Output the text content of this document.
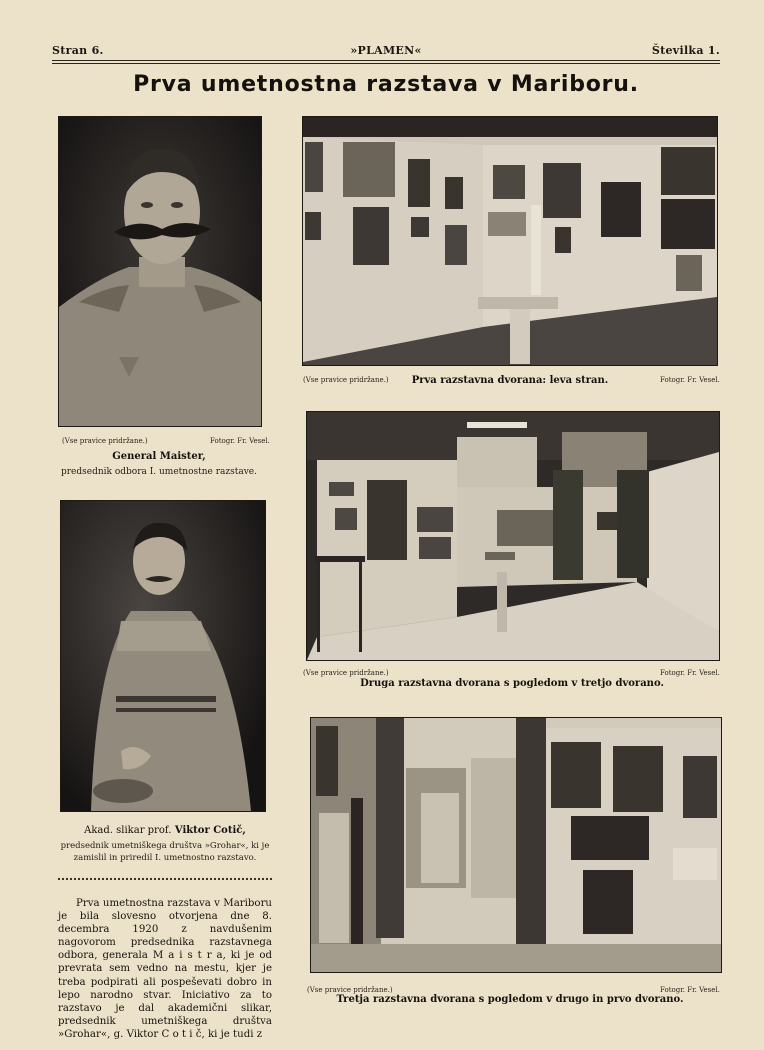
Stran 6.	»PLAMEN«	Številka 1.
Prva umetnostna razstava v Mariboru.
(Vse pravice pridržane.)	Fotogr. Fr. Vesel.
General Maister,
predsednik odbora I. umetnostne razstave.
Akad. slikar prof. Viktor Cotič,
predsednik umetniškega društva »Grohar«, ki je
zamislil in priredil I. umetnostno razstavo.

Prva umetnostna razstava v Mariboru je bila slovesno otvorjena dne 8. decembra 1920 z navdušenim nagovorom predsednika razstavnega odbora, generala M a i s t r a, ki je od prevrata sem vedno na mestu, kjer je treba podpirati ali pospeševati dobro in lepo narodno stvar. Iniciativo za to razstavo je dal akademični slikar, predsednik umetniškega društva »Grohar«, g. Viktor C o t i č, ki je tudi z

(Vse pravice pridržane.)	Prva razstavna dvorana: leva stran.	Fotogr. Fr. Vesel.
(Vse pravice pridržane.)
Druga razstavna dvorana s pogledom v tretjo dvorano.
Fotogr. Fr. Vesel.
(Vse pravice pridržane.)
Tretja razstavna dvorana s pogledom v drugo in prvo dvorano.
Fotogr. Fr. Vesel.
